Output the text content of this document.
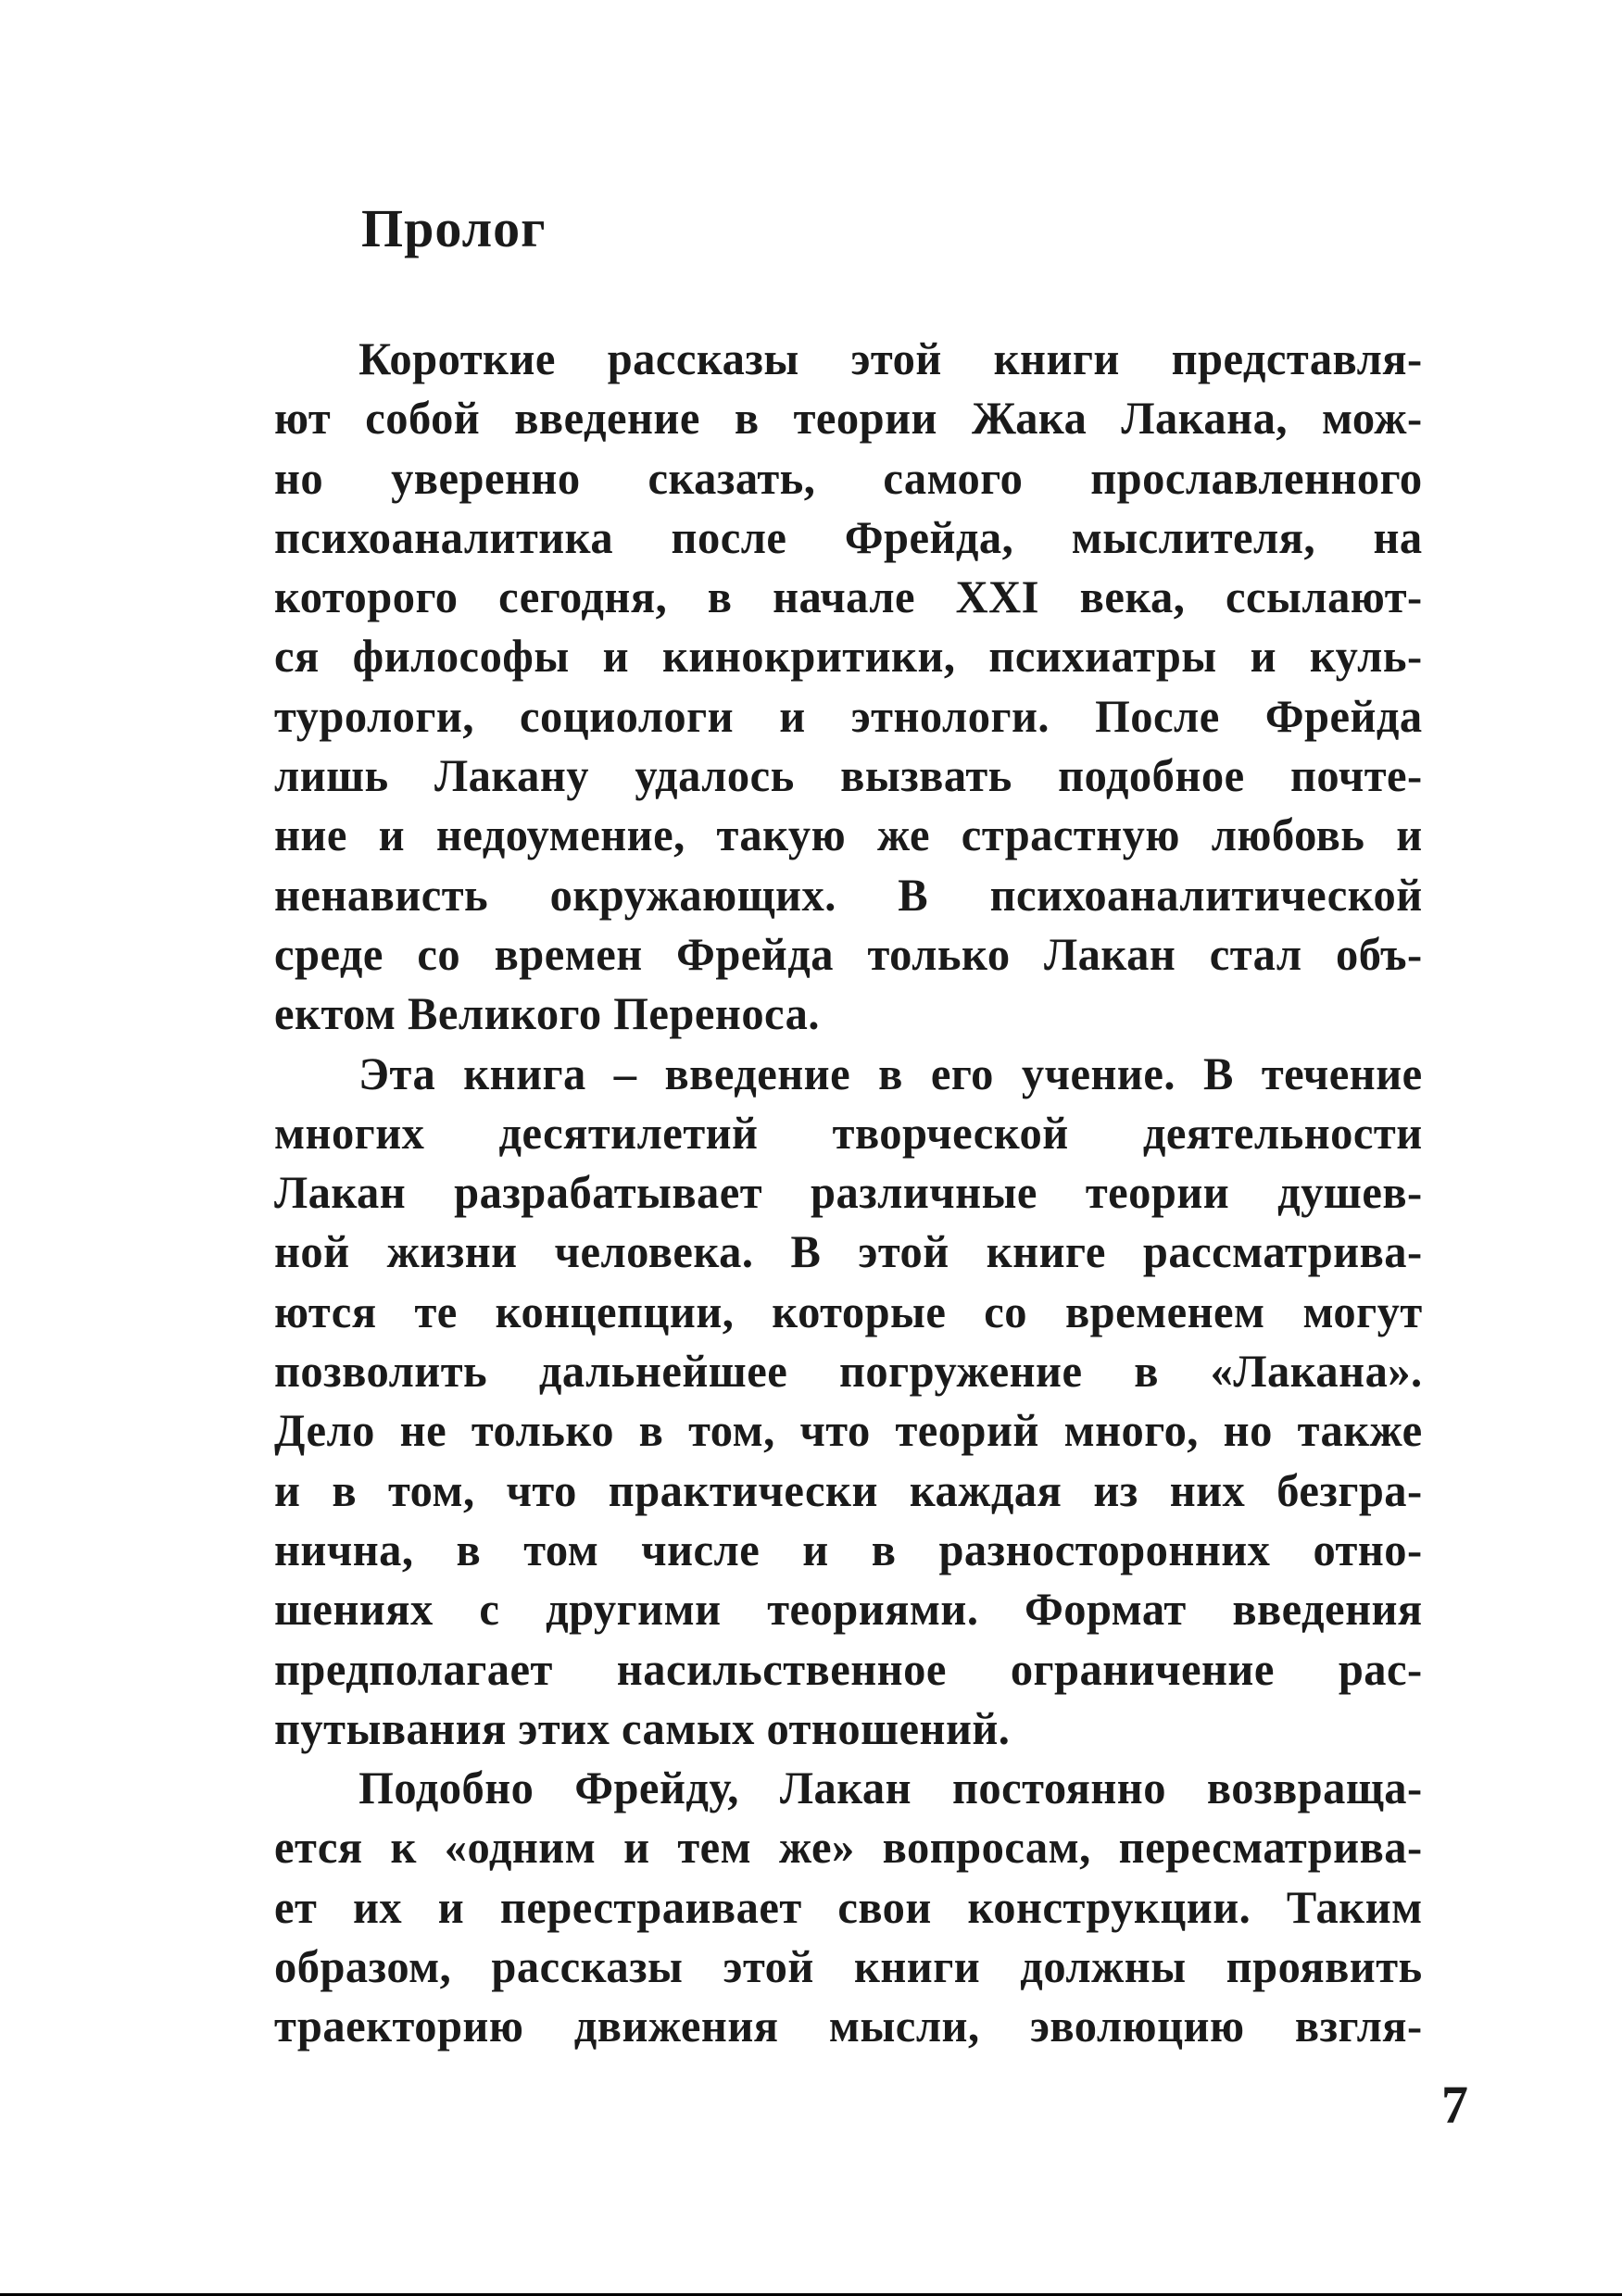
Пролог
Короткие рассказы этой книги представля-
ют собой введение в теории Жака Лакана, мож-
но уверенно сказать, самого прославленного
психоаналитика после Фрейда, мыслителя, на
которого сегодня, в начале XXI века, ссылают-
ся философы и кинокритики, психиатры и куль-
турологи, социологи и этнологи. После Фрейда
лишь Лакану удалось вызвать подобное почте-
ние и недоумение, такую же страстную любовь и
ненависть окружающих. В психоаналитической
среде со времен Фрейда только Лакан стал объ-
ектом Великого Переноса.
Эта книга – введение в его учение. В течение
многих десятилетий творческой деятельности
Лакан разрабатывает различные теории душев-
ной жизни человека. В этой книге рассматрива-
ются те концепции, которые со временем могут
позволить дальнейшее погружение в «Лакана».
Дело не только в том, что теорий много, но также
и в том, что практически каждая из них безгра-
нична, в том числе и в разносторонних отно-
шениях с другими теориями. Формат введения
предполагает насильственное ограничение рас-
путывания этих самых отношений.
Подобно Фрейду, Лакан постоянно возвраща-
ется к «одним и тем же» вопросам, пересматрива-
ет их и перестраивает свои конструкции. Таким
образом, рассказы этой книги должны проявить
траекторию движения мысли, эволюцию взгля-
7
